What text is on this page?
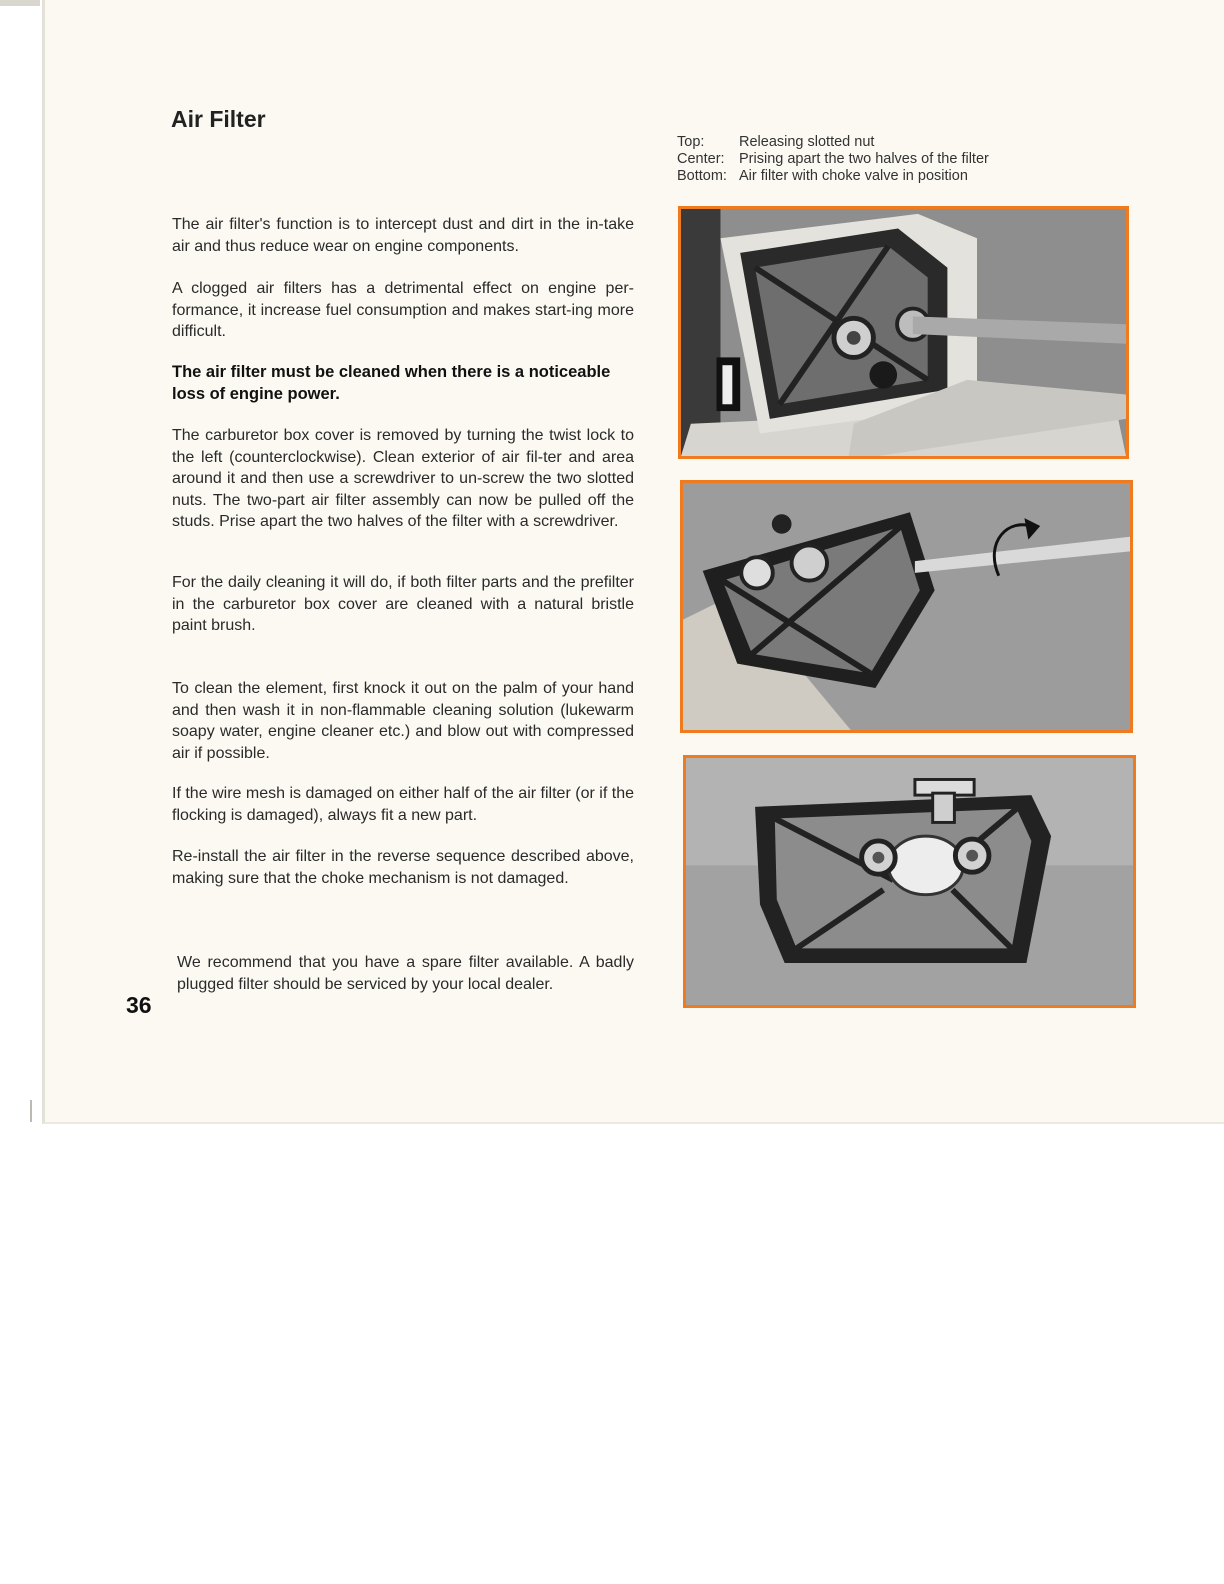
Air Filter
Top:	Releasing slotted nut
Center: Prising apart the two halves of the filter
Bottom: Air filter with choke valve in position

The air filter's function is to intercept dust and dirt in the in-take air and thus reduce wear on engine components.

A clogged air filters has a detrimental effect on engine per-formance, it increase fuel consumption and makes start-ing more difficult.

The air filter must be cleaned when there is a noticeable loss of engine power.

The carburetor box cover is removed by turning the twist lock to the left (counterclockwise). Clean exterior of air fil-ter and area around it and then use a screwdriver to un-screw the two slotted nuts. The two-part air filter assembly can now be pulled off the studs. Prise apart the two halves of the filter with a screwdriver.

For the daily cleaning it will do, if both filter parts and the prefilter in the carburetor box cover are cleaned with a natural bristle paint brush.

To clean the element, first knock it out on the palm of your hand and then wash it in non-flammable cleaning solution (lukewarm soapy water, engine cleaner etc.) and blow out with compressed air if possible.

If the wire mesh is damaged on either half of the air filter (or if the flocking is damaged), always fit a new part.

Re-install the air filter in the reverse sequence described above, making sure that the choke mechanism is not damaged.

We recommend that you have a spare filter available. A badly plugged filter should be serviced by your local dealer.

36
